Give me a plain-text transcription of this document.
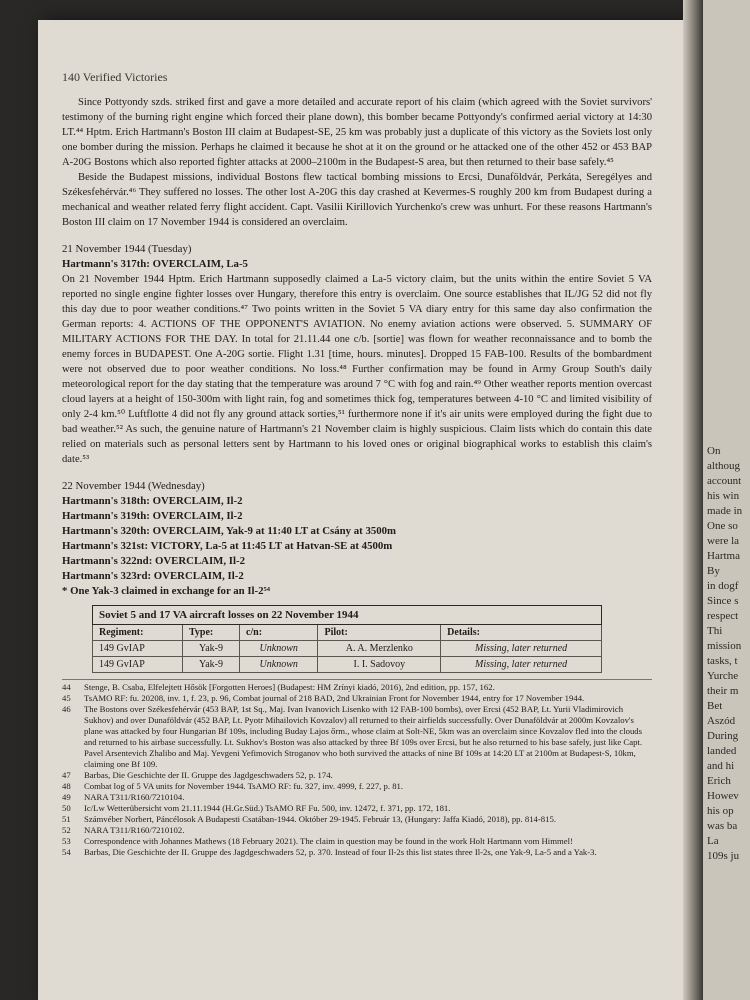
On
althoug
account
his win
made in
One so
were la
Hartma
By
in dogf
Since s
respect
Thi
mission
tasks, t
Yurche
their m
Bet
Aszód
During
landed
and hi
Erich
Howev
his op
was ba
La
109s ju
140 Verified Victories

Since Pottyondy szds. striked first and gave a more detailed and accurate report of his claim (which agreed with the Soviet survivors' testimony of the burning right engine which forced their plane down), this bomber became Pottyondy's confirmed aerial victory at 14:30 LT.⁴⁴ Hptm. Erich Hartmann's Boston III claim at Budapest-SE, 25 km was probably just a duplicate of this victory as the Soviets lost only one bomber during the mission. Perhaps he claimed it because he shot at it on the ground or he attacked one of the other 452 or 453 BAP A-20G Bostons which also reported fighter attacks at 2000–2100m in the Budapest-S area, but then returned to their base safely.⁴⁵

Beside the Budapest missions, individual Bostons flew tactical bombing missions to Ercsi, Dunaföldvár, Perkáta, Seregélyes and Székesfehérvár.⁴⁶ They suffered no losses. The other lost A-20G this day crashed at Kevermes-S roughly 200 km from Budapest during a mechanical and weather related ferry flight accident. Capt. Vasilii Kirillovich Yurchenko's crew was unhurt. For these reasons Hartmann's Boston III claim on 17 November 1944 is considered an overclaim.

21 November 1944 (Tuesday)
Hartmann's 317th: OVERCLAIM, La-5

On 21 November 1944 Hptm. Erich Hartmann supposedly claimed a La-5 victory claim, but the units within the entire Soviet 5 VA reported no single engine fighter losses over Hungary, therefore this entry is overclaim. One source establishes that IL/JG 52 did not fly this day due to poor weather conditions.⁴⁷ Two points written in the Soviet 5 VA diary entry for this same day also confirmation the German reports: 4. ACTIONS OF THE OPPONENT'S AVIATION. No enemy aviation actions were observed. 5. SUMMARY OF MILITARY ACTIONS FOR THE DAY. In total for 21.11.44 one c/b. [sortie] was flown for weather reconnaissance and to bomb the enemy forces in BUDAPEST. One A-20G sortie. Flight 1.31 [time, hours. minutes]. Dropped 15 FAB-100. Results of the bombardment were not observed due to poor weather conditions. No loss.⁴⁸ Further confirmation may be found in Army Group South's daily meteorological report for the day stating that the temperature was around 7 °C with fog and rain.⁴⁹ Other weather reports mention overcast cloud layers at a height of 150-300m with light rain, fog and sometimes thick fog, temperatures between 4-10 °C and limited visibility of only 2-4 km.⁵⁰ Luftflotte 4 did not fly any ground attack sorties,⁵¹ furthermore none if it's air units were employed during the fight due to bad weather.⁵² As such, the genuine nature of Hartmann's 21 November claim is highly suspicious. Claim lists which do contain this date relied on materials such as personal letters sent by Hartmann to his loved ones or original biographical works to establish this claim's date.⁵³

22 November 1944 (Wednesday)
Hartmann's 318th: OVERCLAIM, Il-2
Hartmann's 319th: OVERCLAIM, Il-2
Hartmann's 320th: OVERCLAIM, Yak-9 at 11:40 LT at Csány at 3500m
Hartmann's 321st: VICTORY, La-5 at 11:45 LT at Hatvan-SE at 4500m
Hartmann's 322nd: OVERCLAIM, Il-2
Hartmann's 323rd: OVERCLAIM, Il-2
* One Yak-3 claimed in exchange for an Il-2⁵⁴
Soviet 5 and 17 VA aircraft losses on 22 November 1944				
Regiment:	Type:	c/n:	Pilot:	Details:
149 GvIAP	Yak-9	Unknown	A. A. Merzlenko	Missing, later returned
149 GvIAP	Yak-9	Unknown	I. I. Sadovoy	Missing, later returned
44	Stenge, B. Csaba, Elfelejtett Hősök [Forgotten Heroes] (Budapest: HM Zrínyi kiadó, 2016), 2nd edition, pp. 157, 162.
45	TsAMO RF: fu. 20208, inv. 1, f. 23, p. 96, Combat journal of 218 BAD, 2nd Ukrainian Front for November 1944, entry for 17 November 1944.
46	The Bostons over Székesfehérvár (453 BAP, 1st Sq., Maj. Ivan Ivanovich Lisenko with 12 FAB-100 bombs), over Ercsi (452 BAP, Lt. Yurii Vladimirovich Sukhov) and over Dunaföldvár (452 BAP, Lt. Pyotr Mihailovich Kovzalov) all returned to their airfields successfully. Over Dunaföldvár at 2000m Kovzalov's plane was attacked by four Hungarian Bf 109s, including Buday Lajos őrm., whose claim at Solt-NE, 5km was an overclaim since Kovzalov fled into the clouds and returned to his airbase successfully. Lt. Sukhov's Boston was also attacked by three Bf 109s over Ercsi, but he also returned to his base safely, just like Capt. Pavel Arsentevich Zhalibo and Maj. Yevgeni Yefimovich Stroganov who both survived the attacks of nine Bf 109s at 14:20 LT at 2100m at Budapest-S, 10km, claiming one Bf 109.
47	Barbas, Die Geschichte der II. Gruppe des Jagdgeschwaders 52, p. 174.
48	Combat log of 5 VA units for November 1944. TsAMO RF: fu. 327, inv. 4999, f. 227, p. 81.
49	NARA T311/R160/7210104.
50	Ic/Lw Wetterübersicht vom 21.11.1944 (H.Gr.Süd.) TsAMO RF Fu. 500, inv. 12472, f. 371, pp. 172, 181.
51	Számvéber Norbert, Páncélosok A Budapesti Csatában-1944. Október 29-1945. Február 13, (Hungary: Jaffa Kiadó, 2018), pp. 814-815.
52	NARA T311/R160/7210102.
53	Correspondence with Johannes Mathews (18 February 2021). The claim in question may be found in the work Holt Hartmann vom Himmel!
54	Barbas, Die Geschichte der II. Gruppe des Jagdgeschwaders 52, p. 370. Instead of four Il-2s this list states three Il-2s, one Yak-9, La-5 and a Yak-3.
